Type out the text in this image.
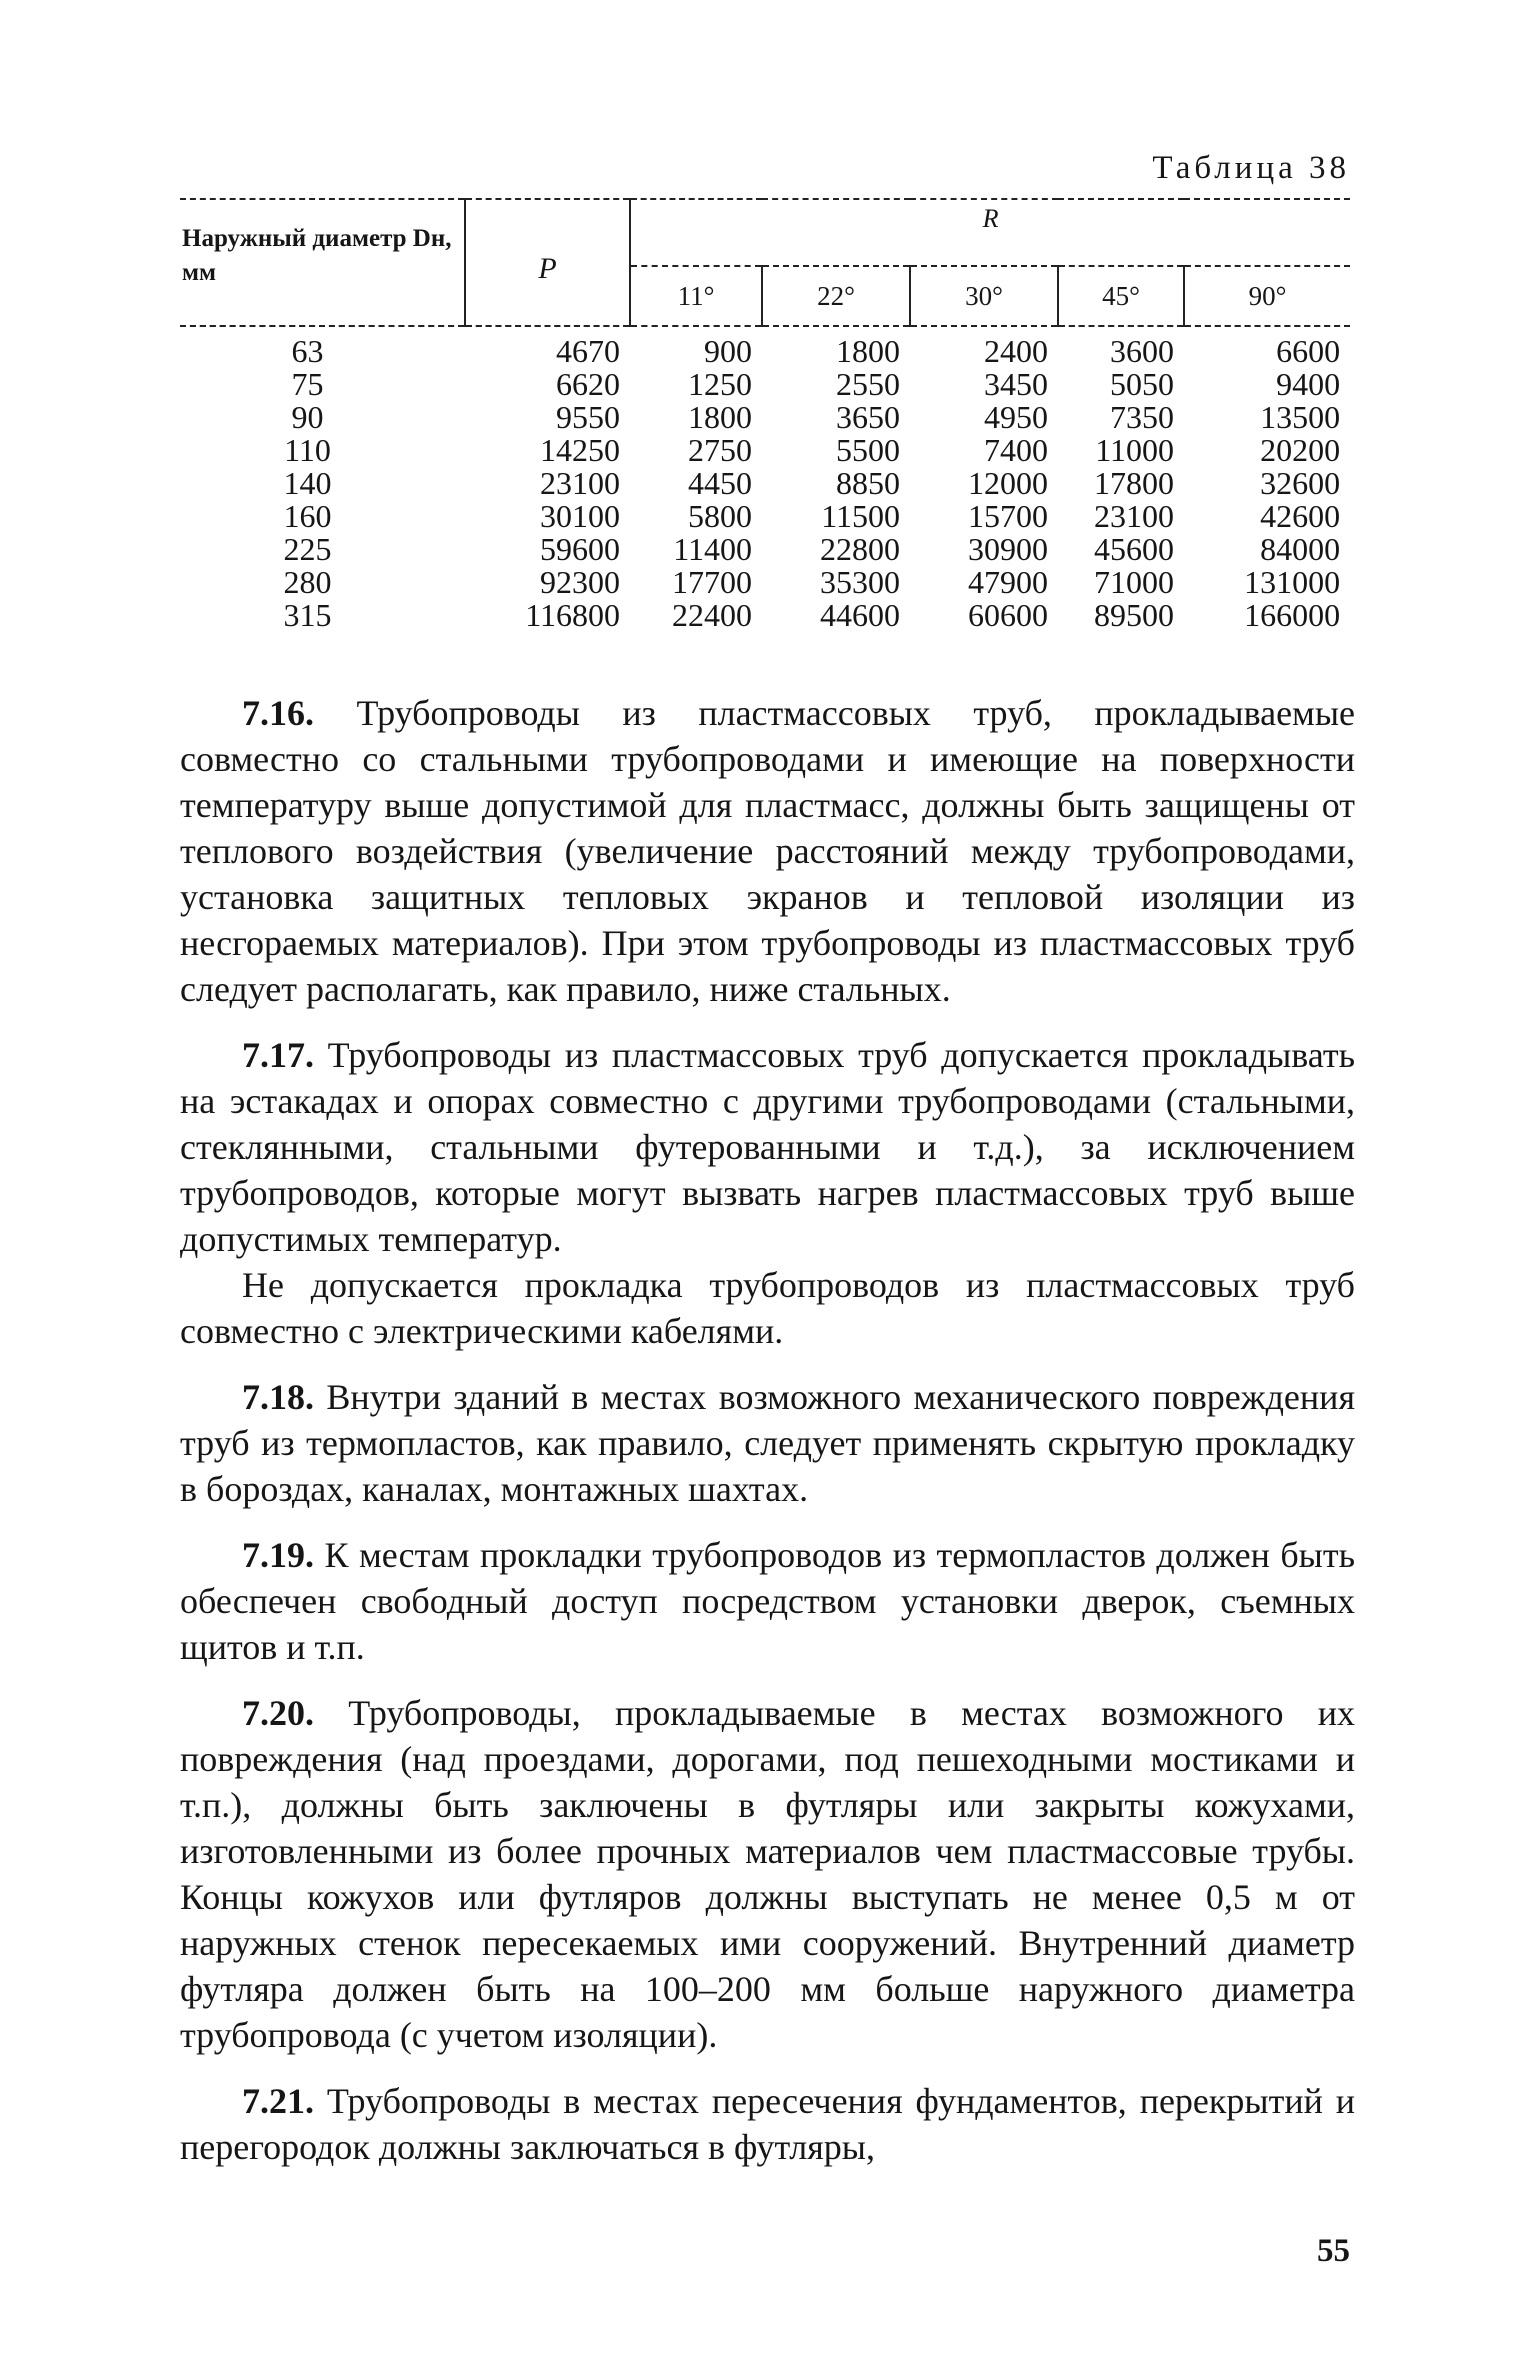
Таблица 38
Наружный диаметр Dн, мм	P	R				
		11°	22°	30°	45°	90°
63	4670	900	1800	2400	3600	6600
75	6620	1250	2550	3450	5050	9400
90	9550	1800	3650	4950	7350	13500
110	14250	2750	5500	7400	11000	20200
140	23100	4450	8850	12000	17800	32600
160	30100	5800	11500	15700	23100	42600
225	59600	11400	22800	30900	45600	84000
280	92300	17700	35300	47900	71000	131000
315	116800	22400	44600	60600	89500	166000

7.16. Трубопроводы из пластмассовых труб, прокладываемые совместно со стальными трубопроводами и имеющие на поверхности температуру выше допустимой для пластмасс, должны быть защищены от теплового воздействия (увеличение расстояний между трубопроводами, установка защитных тепловых экранов и тепловой изоляции из несгораемых материалов). При этом трубопроводы из пластмассовых труб следует располагать, как правило, ниже стальных.

7.17. Трубопроводы из пластмассовых труб допускается прокладывать на эстакадах и опорах совместно с другими трубопроводами (стальными, стеклянными, стальными футерованными и т.д.), за исключением трубопроводов, которые могут вызвать нагрев пластмассовых труб выше допустимых температур.

Не допускается прокладка трубопроводов из пластмассовых труб совместно с электрическими кабелями.

7.18. Внутри зданий в местах возможного механического повреждения труб из термопластов, как правило, следует применять скрытую прокладку в бороздах, каналах, монтажных шахтах.

7.19. К местам прокладки трубопроводов из термопластов должен быть обеспечен свободный доступ посредством установки дверок, съемных щитов и т.п.

7.20. Трубопроводы, прокладываемые в местах возможного их повреждения (над проездами, дорогами, под пешеходными мостиками и т.п.), должны быть заключены в футляры или закрыты кожухами, изготовленными из более прочных материалов чем пластмассовые трубы. Концы кожухов или футляров должны выступать не менее 0,5 м от наружных стенок пересекаемых ими сооружений. Внутренний диаметр футляра должен быть на 100–200 мм больше наружного диаметра трубопровода (с учетом изоляции).

7.21. Трубопроводы в местах пересечения фундаментов, перекрытий и перегородок должны заключаться в футляры,

55
